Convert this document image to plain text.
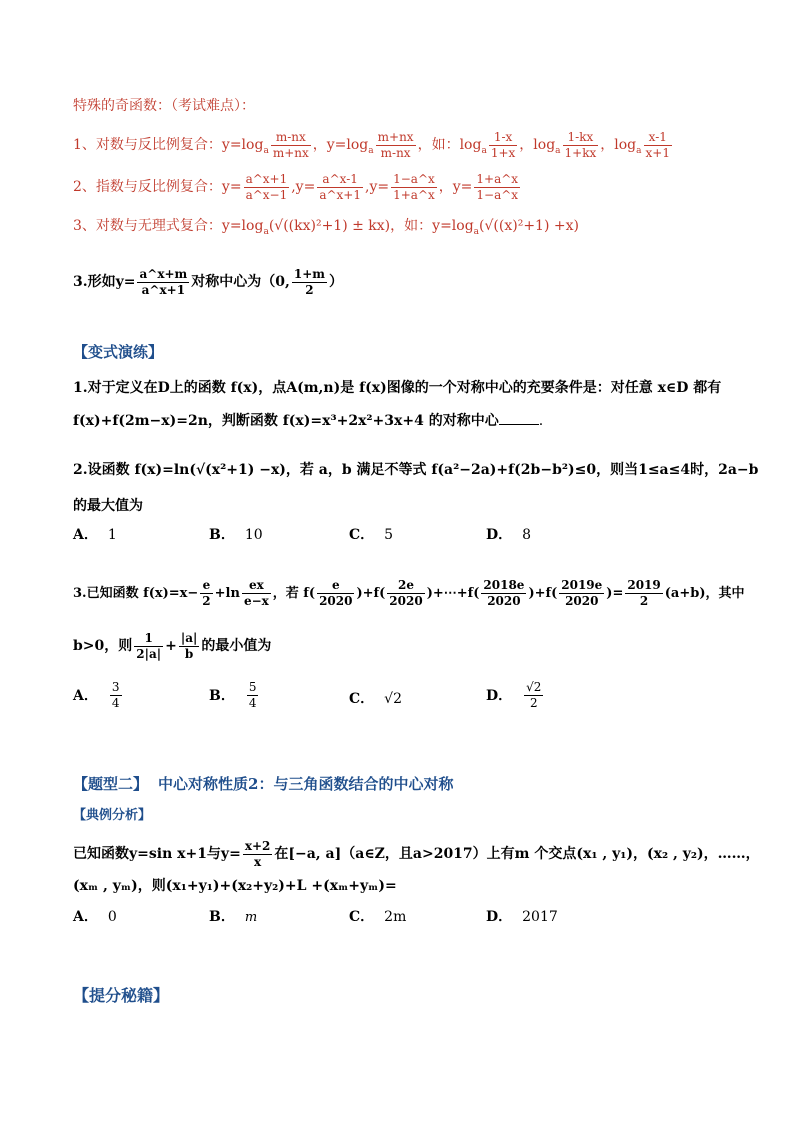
特殊的奇函数：（考试难点）：
1、对数与反比例复合：$y=\log_a \frac{m-nx}{m+nx}$ ，$y=\log_a \frac{m+nx}{m-nx}$ ，如：$\log_a \frac{1-x}{1+x}$ ，$\log_a \frac{1-kx}{1+kx}$ ，$\log_a \frac{x-1}{x+1}$
2、指数与反比例复合：$y= \frac{a\^{}x+1}{a\^{}x-1} ,y= \frac{a\^{}x-1}{a\^{}x+1} ,y= \frac{1-a\^{}x}{1+a\^{}x}$ ，$y= \frac{1+a\^{}x}{1-a\^{}x}$
3、对数与无理式复合：$y=\log_a(√((kx)^2+1) \pm kx)$，如：$y=\log_a(√((x)^2+1) +x)$
3.形如$y= \frac{a\^{}x+m}{a\^{}x+1}$ 对称中心为（0, $\frac{1+m}{2}$ ）
【变式演练】
1.对于定义在D上的函数 f(x)，点A(m,n)是 f(x)图像的一个对称中心的充要条件是：对任意 x∈D 都有
f(x)+f(2m−x)=2n，判断函数 f(x)=x³+2x²+3x+4 的对称中心	.
2.设函数 f(x)=ln(√(x²+1) −x)，若 a，b 满足不等式 f(a²−2a)+f(2b−b²)≤0，则当1≤a≤4时，2a−b
的最大值为
A． 1	B． 10	C． 5	D． 8
3.已知函数 $f(x)=x- \frac{e}{2} +\ln \frac{ex}{e-x}$ ，若 $f( \frac{e}{2020} )+f( \frac{2e}{2020}$ )+⋯+f( $\frac{2018e}{2020} )+f( \frac{2019e}{2020}$ )= $\frac{2019}{2} (a+b)$，其中
b>0，则 $\frac{1}{2|a|} + \frac{|a|}{b}$ 的最小值为
A． $\frac{3}{4}$	B． $\frac{5}{4}$	C． √2	D． $\frac{√2}{2}$
【题型二】 中心对称性质2：与三角函数结合的中心对称
【典例分析】
已知函数y=sin x+1与$y= \frac{x+2}{x}$ 在[−a, a]（a∈Z，且a>2017）上有m 个交点(x₁ , y₁)，(x₂ , y₂)，……，
(xₘ , yₘ)，则(x₁+y₁)+(x₂+y₂)+L +(xₘ+yₘ)=
A． 0	B． m	C． 2m	D． 2017
【提分秘籍】
